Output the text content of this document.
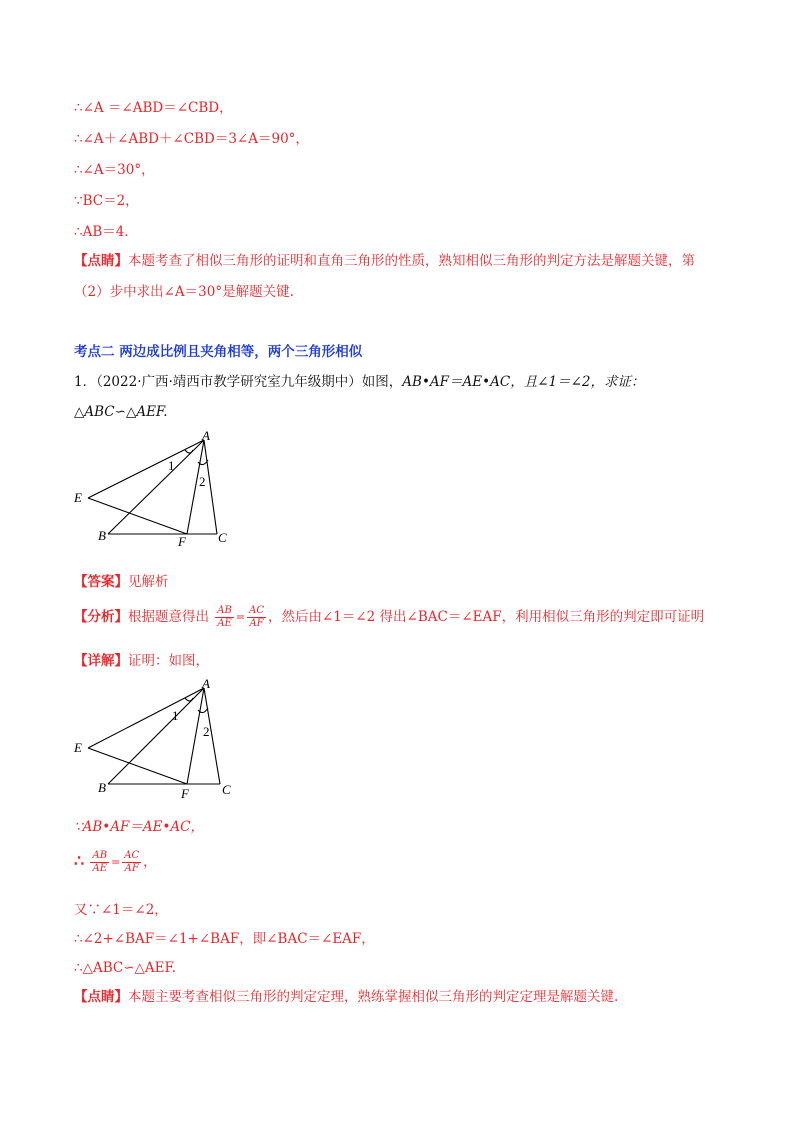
∴∠A ＝∠ABD＝∠CBD，
∴∠A＋∠ABD＋∠CBD＝3∠A＝90°，
∴∠A＝30°，
∵BC＝2，
∴AB＝4．
【点睛】本题考查了相似三角形的证明和直角三角形的性质，熟知相似三角形的判定方法是解题关键，第
（2）步中求出∠A＝30°是解题关键.
考点二 两边成比例且夹角相等，两个三角形相似
1．（2022·广西·靖西市教学研究室九年级期中）如图，AB•AF＝AE•AC，且∠1＝∠2，求证：
△ABC∽△AEF.
A
E
B	F C
1
2
【答案】见解析
【分析】根据题意得出 $\frac{AB}{AE} = \frac{AC}{AF}$ ，然后由∠1＝∠2 得出∠BAC＝∠EAF，利用相似三角形的判定即可证明
【详解】证明：如图，
A
E
B	F	C
1
2
∵AB•AF＝AE•AC，
∴ $\frac{AB}{AE} = \frac{AC}{AF}$ ，
又∵∠1＝∠2，
∴∠2+∠BAF＝∠1+∠BAF，即∠BAC＝∠EAF，
∴△ABC∽△AEF.
【点睛】本题主要考查相似三角形的判定定理，熟练掌握相似三角形的判定定理是解题关键.
